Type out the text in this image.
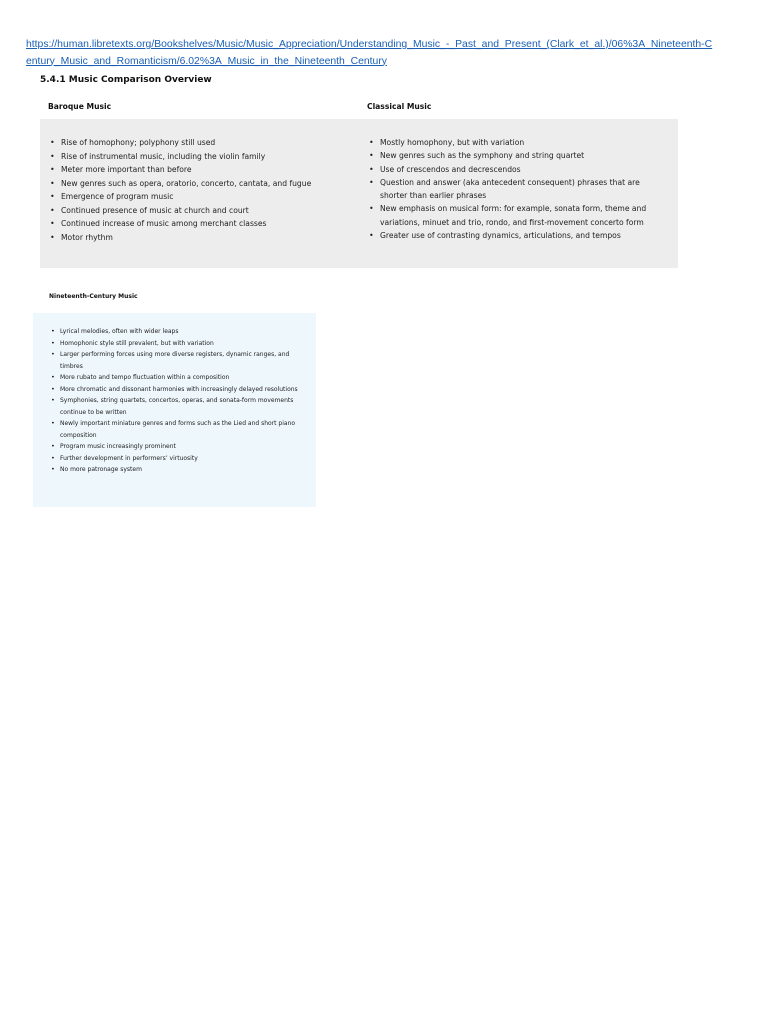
https://human.libretexts.org/Bookshelves/Music/Music_Appreciation/Understanding_Music_-_Past_and_Present_(Clark_et_al.)/06%3A_Nineteenth-Century_Music_and_Romanticism/6.02%3A_Music_in_the_Nineteenth_Century
5.4.1 Music Comparison Overview
Baroque Music	Classical Music
• Rise of homophony; polyphony still used
• Rise of instrumental music, including the violin family
• Meter more important than before
• New genres such as opera, oratorio, concerto, cantata, and fugue
• Emergence of program music
• Continued presence of music at church and court
• Continued increase of music among merchant classes
• Motor rhythm
• Mostly homophony, but with variation
• New genres such as the symphony and string quartet
• Use of crescendos and decrescendos
• Question and answer (aka antecedent consequent) phrases that are shorter than earlier phrases
• New emphasis on musical form: for example, sonata form, theme and variations, minuet and trio, rondo, and first-movement concerto form
• Greater use of contrasting dynamics, articulations, and tempos
Nineteenth-Century Music
• Lyrical melodies, often with wider leaps
• Homophonic style still prevalent, but with variation
• Larger performing forces using more diverse registers, dynamic ranges, and timbres
• More rubato and tempo fluctuation within a composition
• More chromatic and dissonant harmonies with increasingly delayed resolutions
• Symphonies, string quartets, concertos, operas, and sonata-form movements continue to be written
• Newly important miniature genres and forms such as the Lied and short piano composition
• Program music increasingly prominent
• Further development in performers’ virtuosity
• No more patronage system
